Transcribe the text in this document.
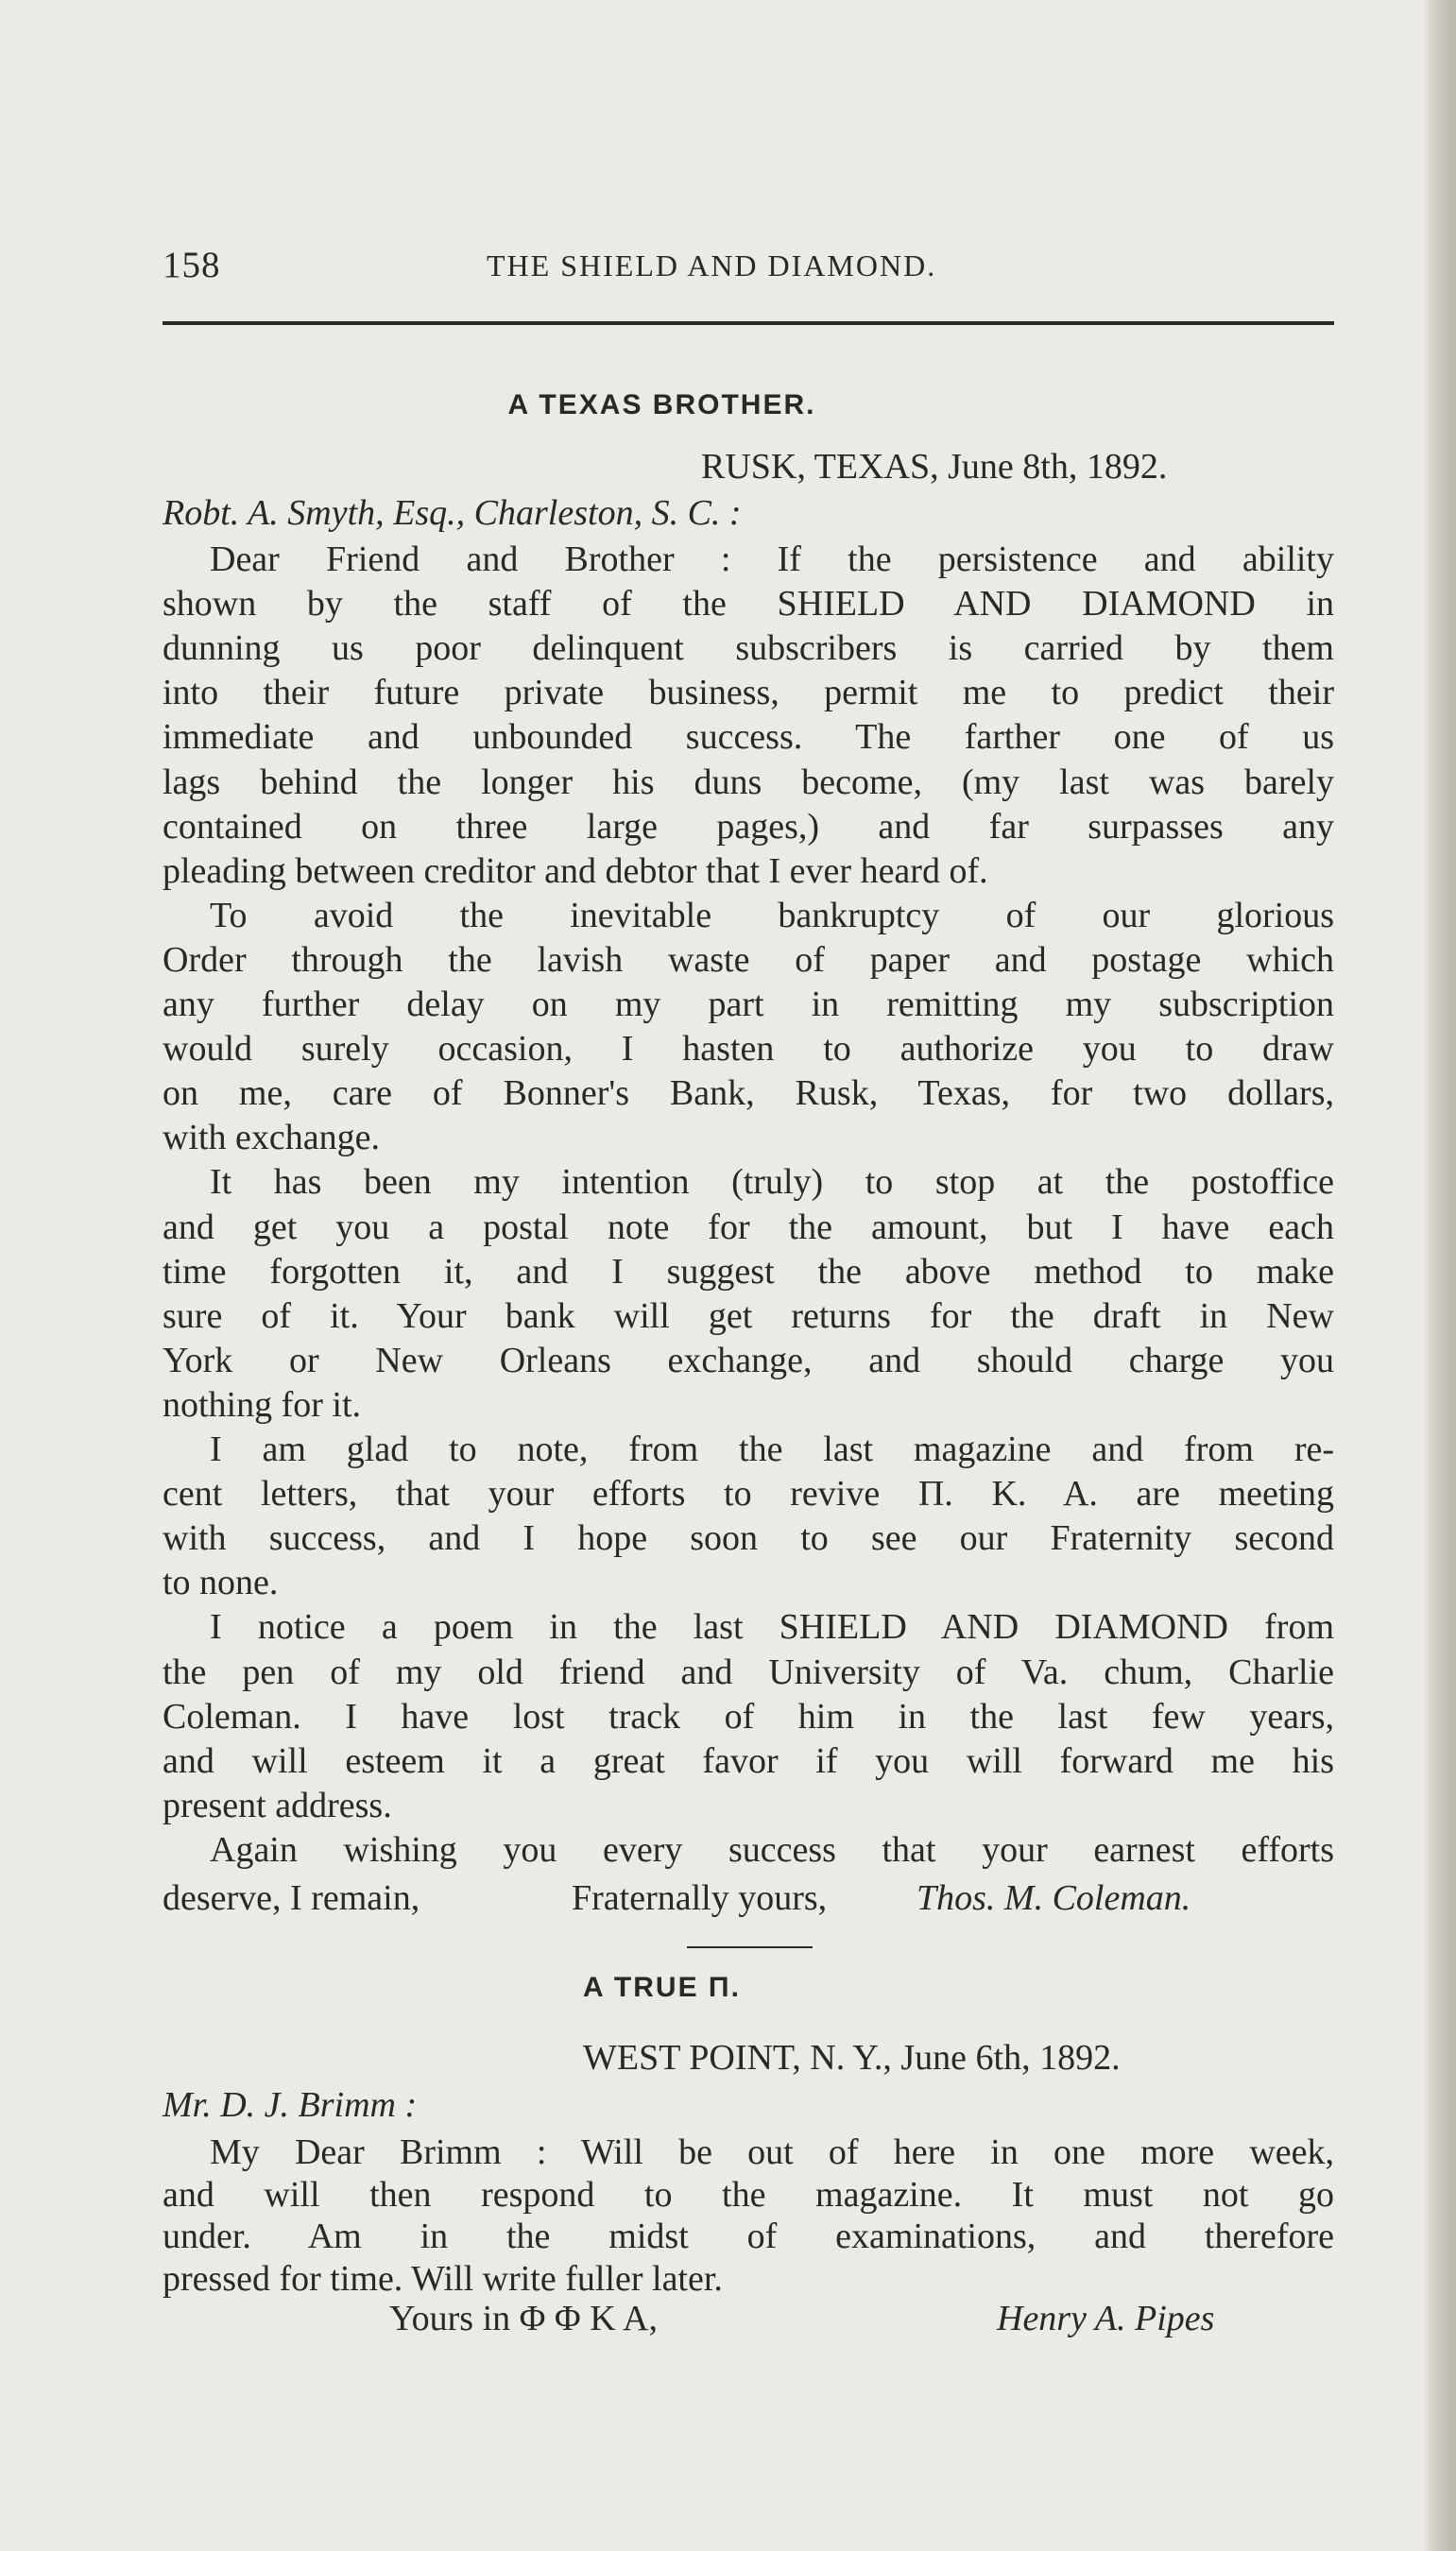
158	THE SHIELD AND DIAMOND.
A TEXAS BROTHER.
RUSK, TEXAS, June 8th, 1892.
Robt. A. Smyth, Esq., Charleston, S. C. :
Dear Friend and Brother : If the persistence and ability
shown by the staff of the SHIELD AND DIAMOND in
dunning us poor delinquent subscribers is carried by them
into their future private business, permit me to predict their
immediate and unbounded success. The farther one of us
lags behind the longer his duns become, (my last was barely
contained on three large pages,) and far surpasses any
pleading between creditor and debtor that I ever heard of.
To avoid the inevitable bankruptcy of our glorious
Order through the lavish waste of paper and postage which
any further delay on my part in remitting my subscription
would surely occasion, I hasten to authorize you to draw
on me, care of Bonner's Bank, Rusk, Texas, for two dollars,
with exchange.
It has been my intention (truly) to stop at the postoffice
and get you a postal note for the amount, but I have each
time forgotten it, and I suggest the above method to make
sure of it. Your bank will get returns for the draft in New
York or New Orleans exchange, and should charge you
nothing for it.
I am glad to note, from the last magazine and from re-
cent letters, that your efforts to revive Π. Κ. Α. are meeting
with success, and I hope soon to see our Fraternity second
to none.
I notice a poem in the last SHIELD AND DIAMOND from
the pen of my old friend and University of Va. chum, Charlie
Coleman. I have lost track of him in the last few years,
and will esteem it a great favor if you will forward me his
present address.
Again wishing you every success that your earnest efforts
deserve, I remain,	Fraternally yours, Thos. M. Coleman.
A TRUE Π.
WEST POINT, N. Y., June 6th, 1892.
Mr. D. J. Brimm :
My Dear Brimm : Will be out of here in one more week,
and will then respond to the magazine. It must not go
under. Am in the midst of examinations, and therefore
pressed for time. Will write fuller later.
Yours in Φ Φ Κ Α,	Henry A. Pipes
